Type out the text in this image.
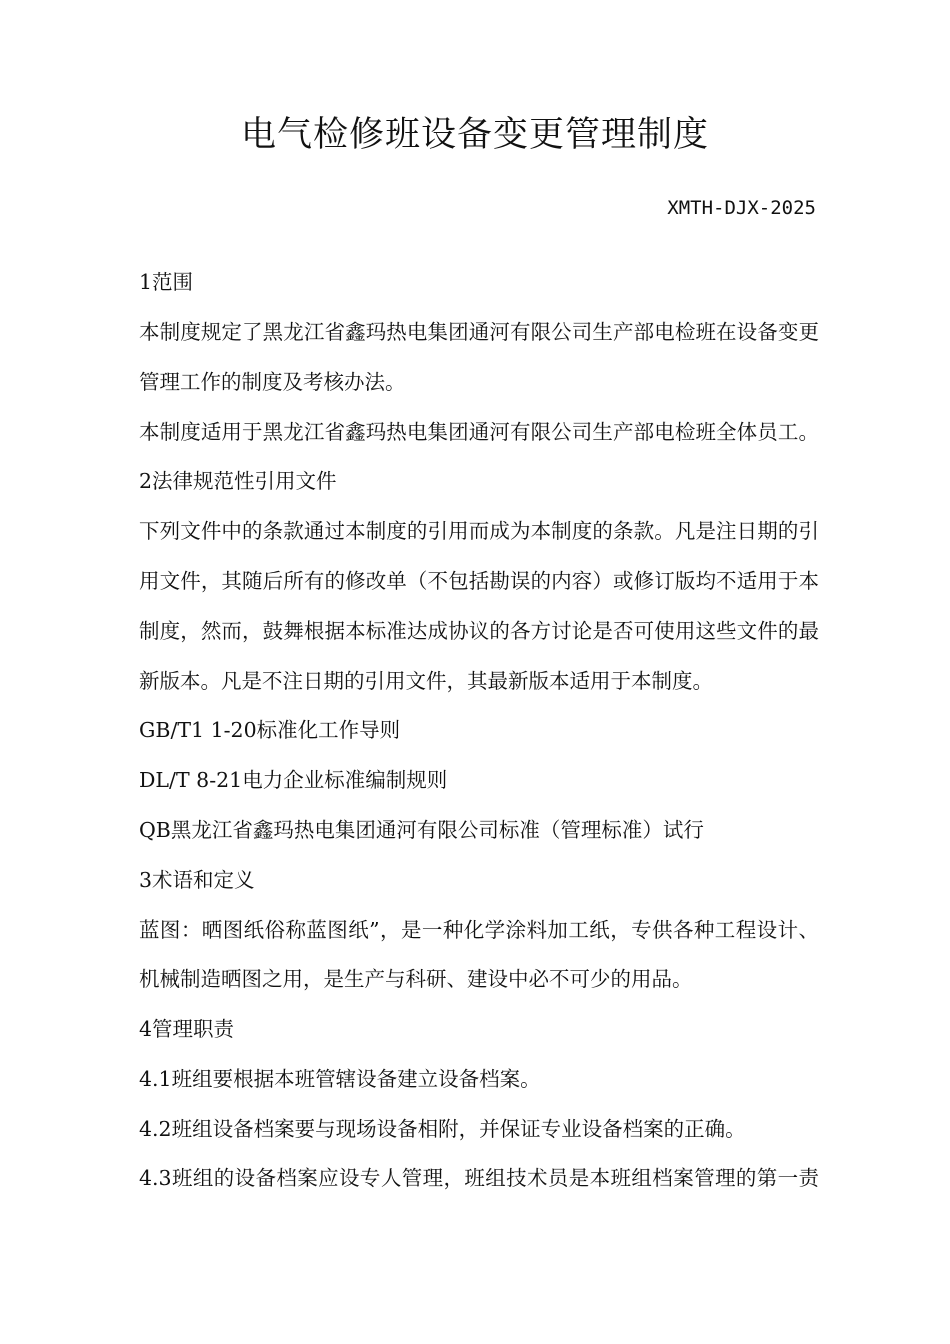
电气检修班设备变更管理制度
XMTH-DJX-2025

1范围

本制度规定了黑龙江省鑫玛热电集团通河有限公司生产部电检班在设备变更

管理工作的制度及考核办法。

本制度适用于黑龙江省鑫玛热电集团通河有限公司生产部电检班全体员工。

2法律规范性引用文件

下列文件中的条款通过本制度的引用而成为本制度的条款。凡是注日期的引

用文件，其随后所有的修改单（不包括勘误的内容）或修订版均不适用于本

制度，然而，鼓舞根据本标准达成协议的各方讨论是否可使用这些文件的最

新版本。凡是不注日期的引用文件，其最新版本适用于本制度。

GB/T1 1-20标准化工作导则

DL/T 8-21电力企业标准编制规则

QB黑龙江省鑫玛热电集团通河有限公司标准（管理标准）试行

3术语和定义

蓝图：晒图纸俗称蓝图纸”，是一种化学涂料加工纸，专供各种工程设计、

机械制造晒图之用，是生产与科研、建设中必不可少的用品。

4管理职责

4.1班组要根据本班管辖设备建立设备档案。

4.2班组设备档案要与现场设备相附，并保证专业设备档案的正确。

4.3班组的设备档案应设专人管理，班组技术员是本班组档案管理的第一责
